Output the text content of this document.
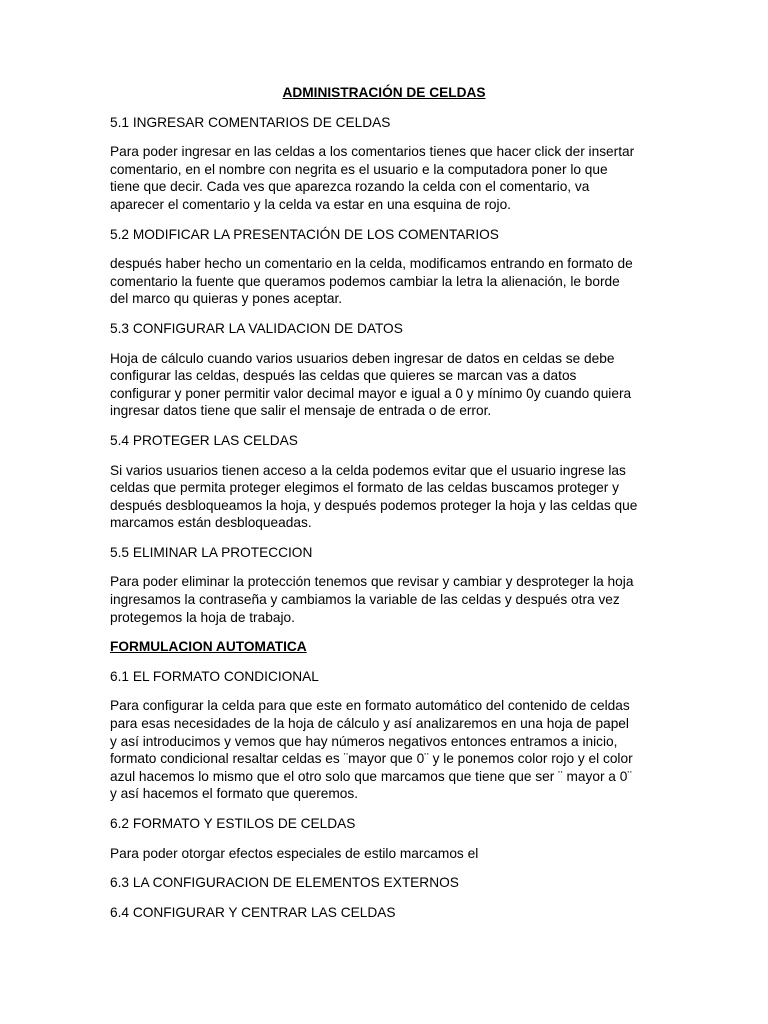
ADMINISTRACIÓN DE CELDAS
5.1 INGRESAR COMENTARIOS DE CELDAS
Para poder ingresar en las celdas a los comentarios tienes que hacer click der insertar
comentario, en el nombre con negrita es el usuario e la computadora poner lo que
tiene que decir. Cada ves que aparezca rozando la celda con el comentario, va
aparecer el comentario y la celda va estar en una esquina de rojo.
5.2 MODIFICAR LA PRESENTACIÓN DE LOS COMENTARIOS
después haber hecho un comentario en la celda, modificamos entrando en formato de
comentario la fuente que queramos podemos cambiar la letra la alienación, le borde
del marco qu quieras y pones aceptar.
5.3 CONFIGURAR LA VALIDACION DE DATOS
Hoja de cálculo cuando varios usuarios deben ingresar de datos en celdas se debe
configurar las celdas, después las celdas que quieres se marcan vas a datos
configurar y poner permitir valor decimal mayor e igual a 0 y mínimo 0y cuando quiera
ingresar datos tiene que salir el mensaje de entrada o de error.
5.4 PROTEGER LAS CELDAS
Si varios usuarios tienen acceso a la celda podemos evitar que el usuario ingrese las
celdas que permita proteger elegimos el formato de las celdas buscamos proteger y
después desbloqueamos la hoja, y después podemos proteger la hoja y las celdas que
marcamos están desbloqueadas.
5.5 ELIMINAR LA PROTECCION
Para poder eliminar la protección tenemos que revisar y cambiar y desproteger la hoja
ingresamos la contraseña y cambiamos la variable de las celdas y después otra vez
protegemos la hoja de trabajo.
FORMULACION AUTOMATICA
6.1 EL FORMATO CONDICIONAL
Para configurar la celda para que este en formato automático del contenido de celdas
para esas necesidades de la hoja de cálculo y así analizaremos en una hoja de papel
y así introducimos y vemos que hay números negativos entonces entramos a inicio,
formato condicional resaltar celdas es ¨mayor que 0¨ y le ponemos color rojo y el color
azul hacemos lo mismo que el otro solo que marcamos que tiene que ser ¨ mayor a 0¨
y así hacemos el formato que queremos.
6.2 FORMATO Y ESTILOS DE CELDAS
Para poder otorgar efectos especiales de estilo marcamos el
6.3 LA CONFIGURACION DE ELEMENTOS EXTERNOS
6.4 CONFIGURAR Y CENTRAR LAS CELDAS
